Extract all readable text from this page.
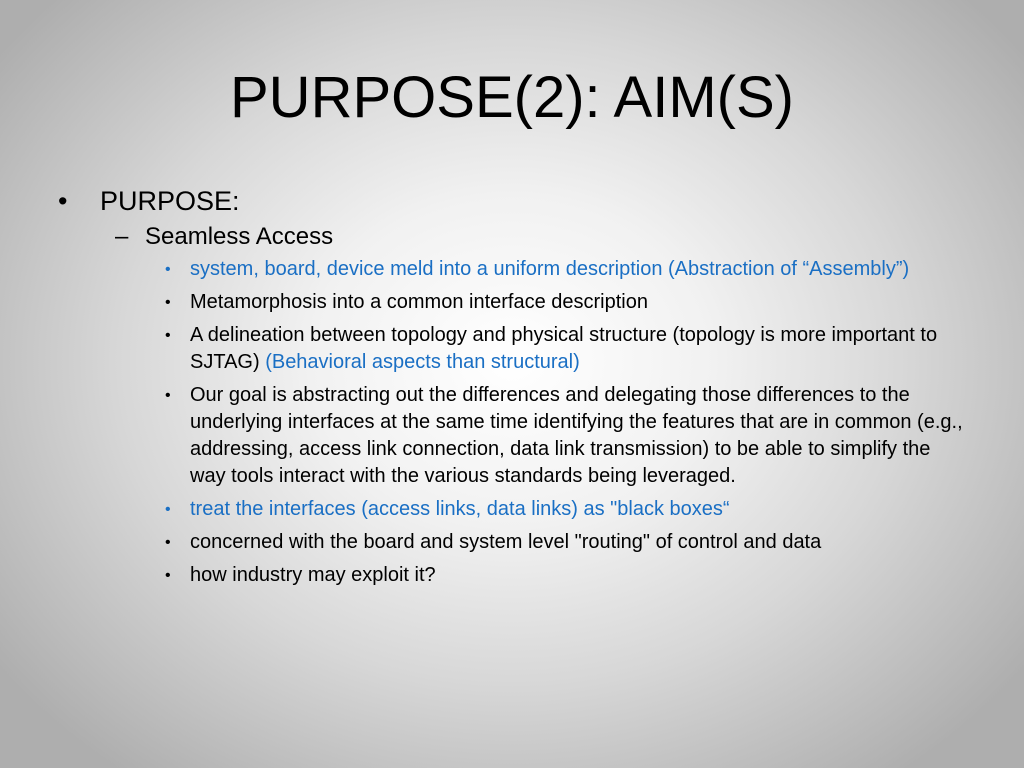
PURPOSE(2): AIM(S)
• PURPOSE:
– Seamless Access
• system, board, device meld into a uniform description (Abstraction of “Assembly”)
• Metamorphosis into a common interface description
• A delineation between topology and physical structure (topology is more important to SJTAG) (Behavioral aspects than structural)
• Our goal is abstracting out the differences and delegating those differences to the underlying interfaces at the same time identifying the features that are in common (e.g., addressing, access link connection, data link transmission) to be able to simplify the way tools interact with the various standards being leveraged.
• treat the interfaces (access links, data links) as "black boxes“
• concerned with the board and system level "routing" of control and data
• how industry may exploit it?
